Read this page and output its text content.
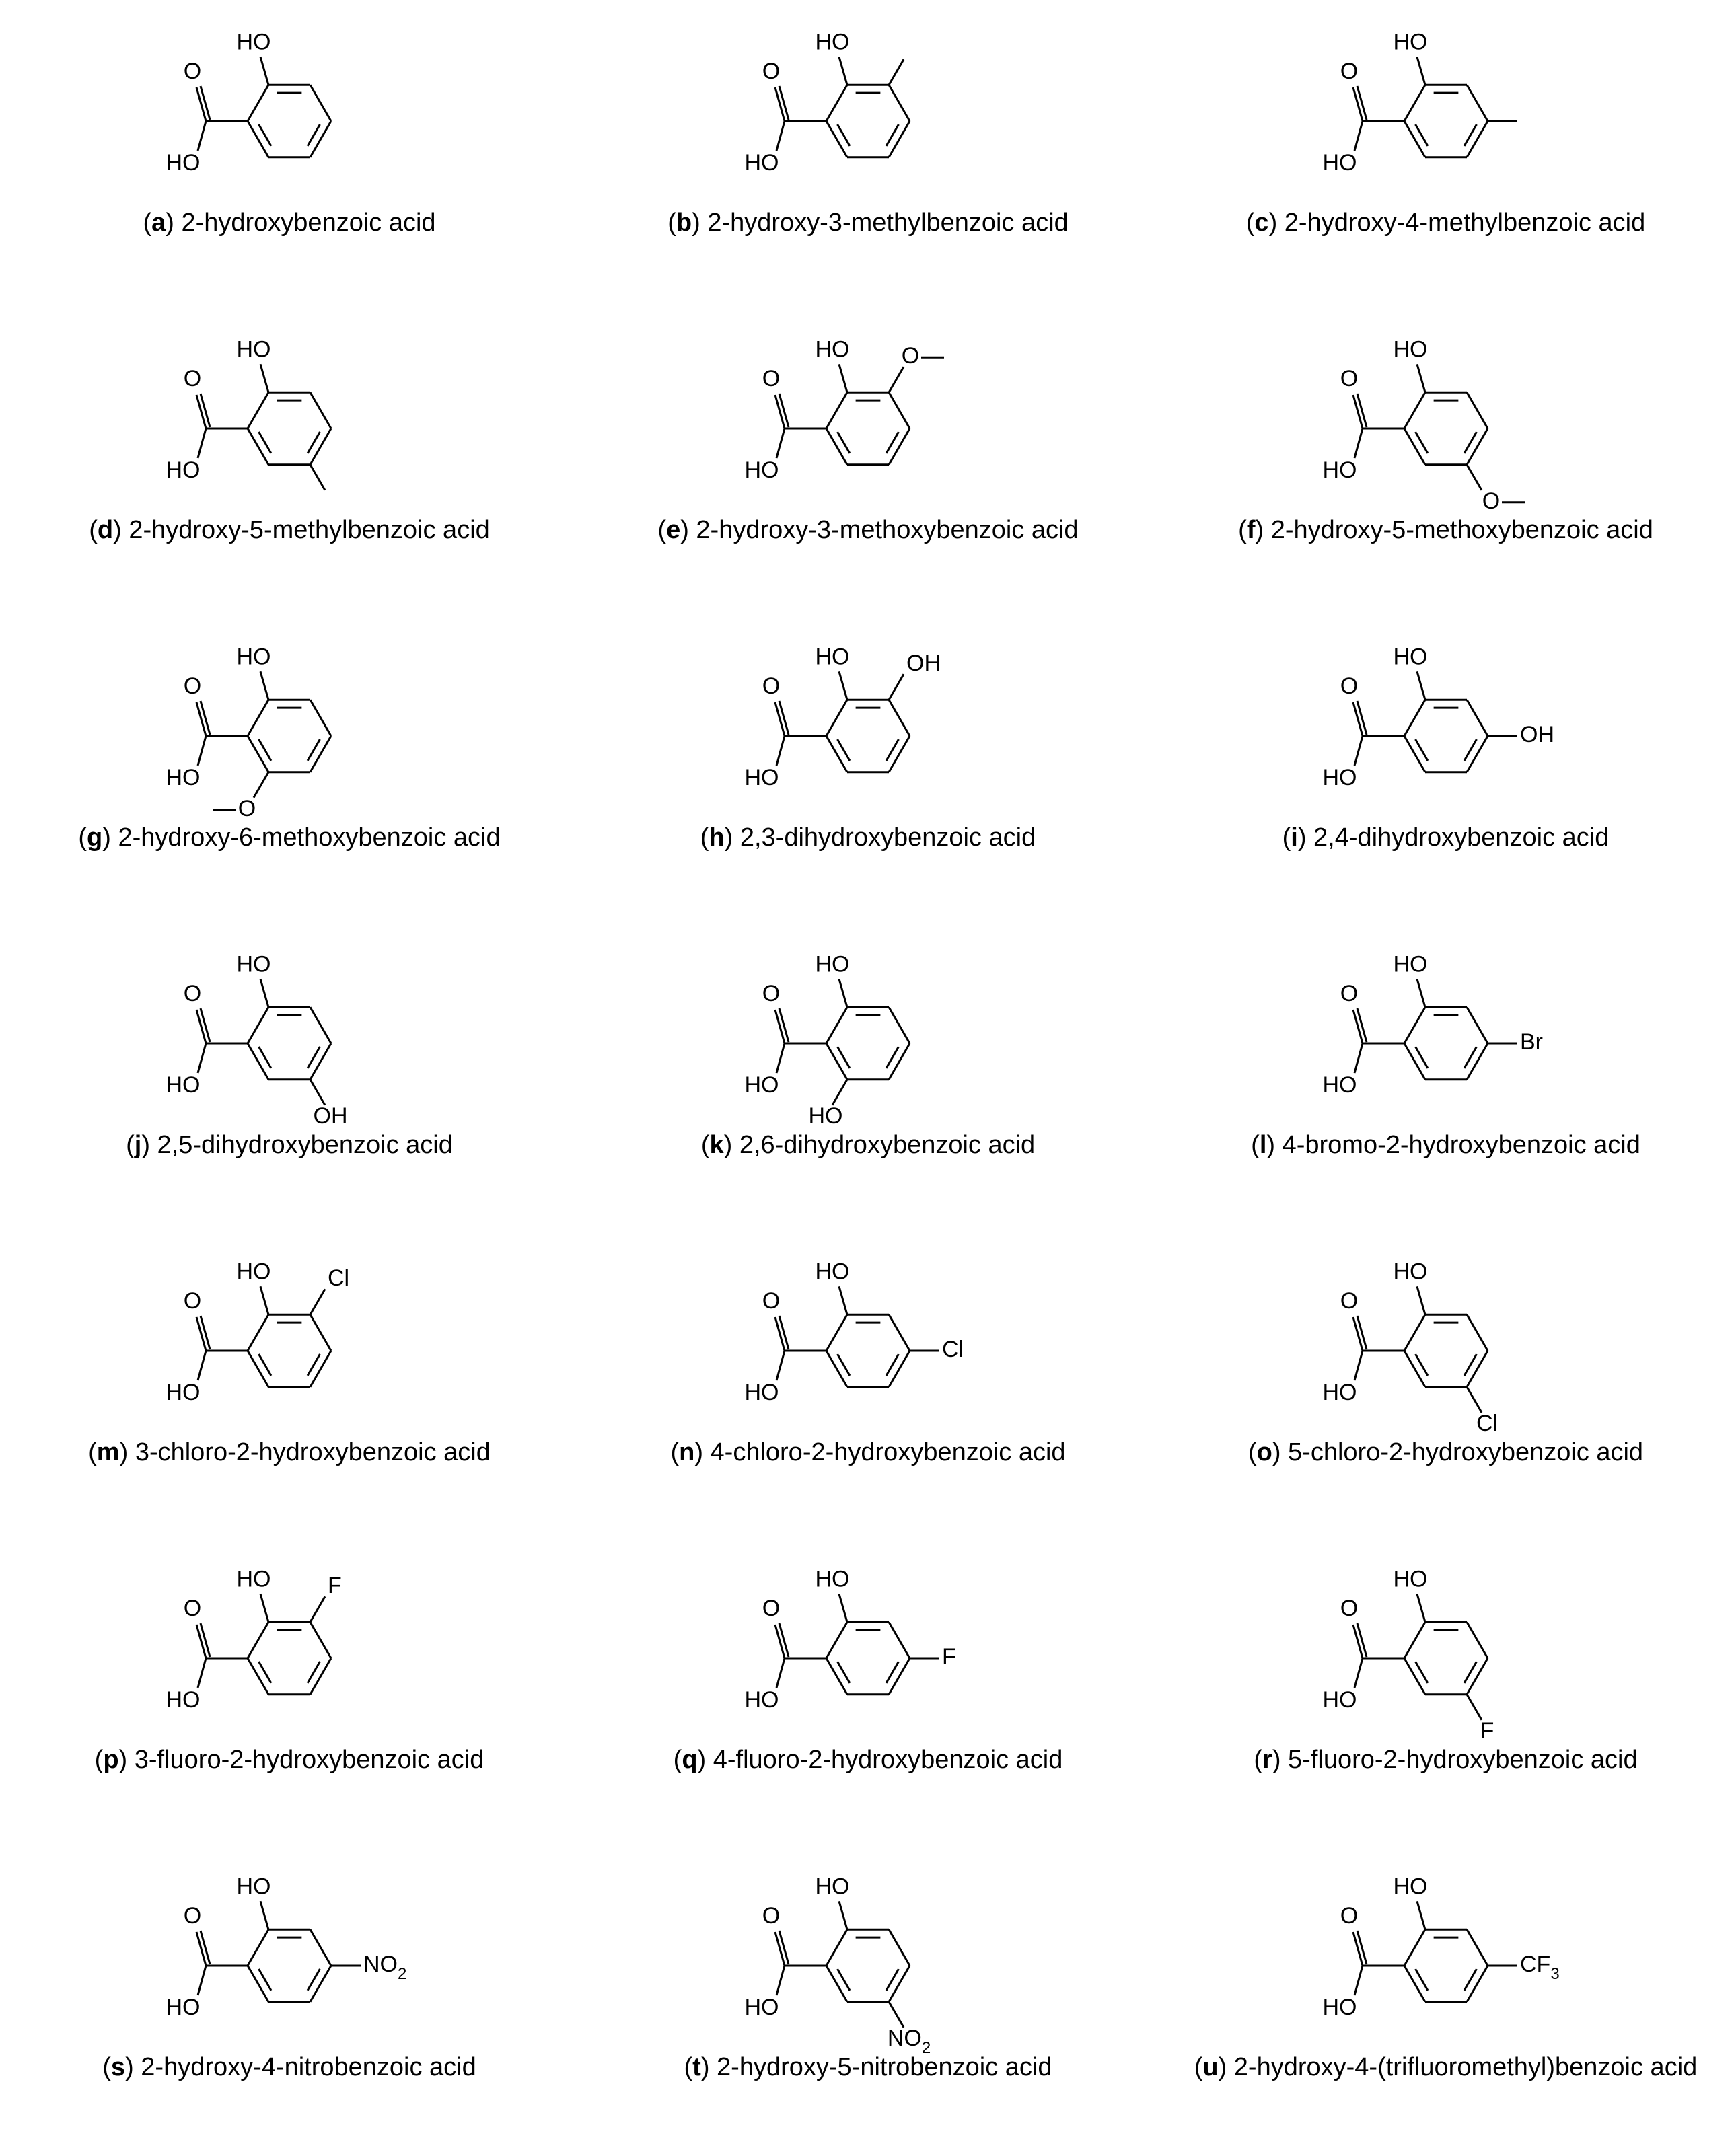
O
HO
HO
(a) 2-hydroxybenzoic acid
O
HO
HO
(b) 2-hydroxy-3-methylbenzoic acid
O
HO
HO
(c) 2-hydroxy-4-methylbenzoic acid
O
HO
HO
(d) 2-hydroxy-5-methylbenzoic acid
O
HO
HO O
(e) 2-hydroxy-3-methoxybenzoic acid
O
HO
HO
O
(f) 2-hydroxy-5-methoxybenzoic acid
O
HO
HO
O
(g) 2-hydroxy-6-methoxybenzoic acid
O
HO
HO OH
(h) 2,3-dihydroxybenzoic acid
O
HO
HO
OH
(i) 2,4-dihydroxybenzoic acid
O
HO
HO
OH
(j) 2,5-dihydroxybenzoic acid
O
HO
HO
HO
(k) 2,6-dihydroxybenzoic acid
O
HO
HO
Br
(l) 4-bromo-2-hydroxybenzoic acid
O
HO
HO Cl
(m) 3-chloro-2-hydroxybenzoic acid
O
HO
HO
Cl
(n) 4-chloro-2-hydroxybenzoic acid
O
HO
HO
Cl
(o) 5-chloro-2-hydroxybenzoic acid
O
HO
HO F
(p) 3-fluoro-2-hydroxybenzoic acid
O
HO
HO
F
(q) 4-fluoro-2-hydroxybenzoic acid
O
HO
HO
F
(r) 5-fluoro-2-hydroxybenzoic acid
O
HO
HO
$NO_2$
(s) 2-hydroxy-4-nitrobenzoic acid
O
HO
HO
$NO_2$
(t) 2-hydroxy-5-nitrobenzoic acid
O
HO
HO
$CF_3$
(u) 2-hydroxy-4-(trifluoromethyl)benzoic acid
